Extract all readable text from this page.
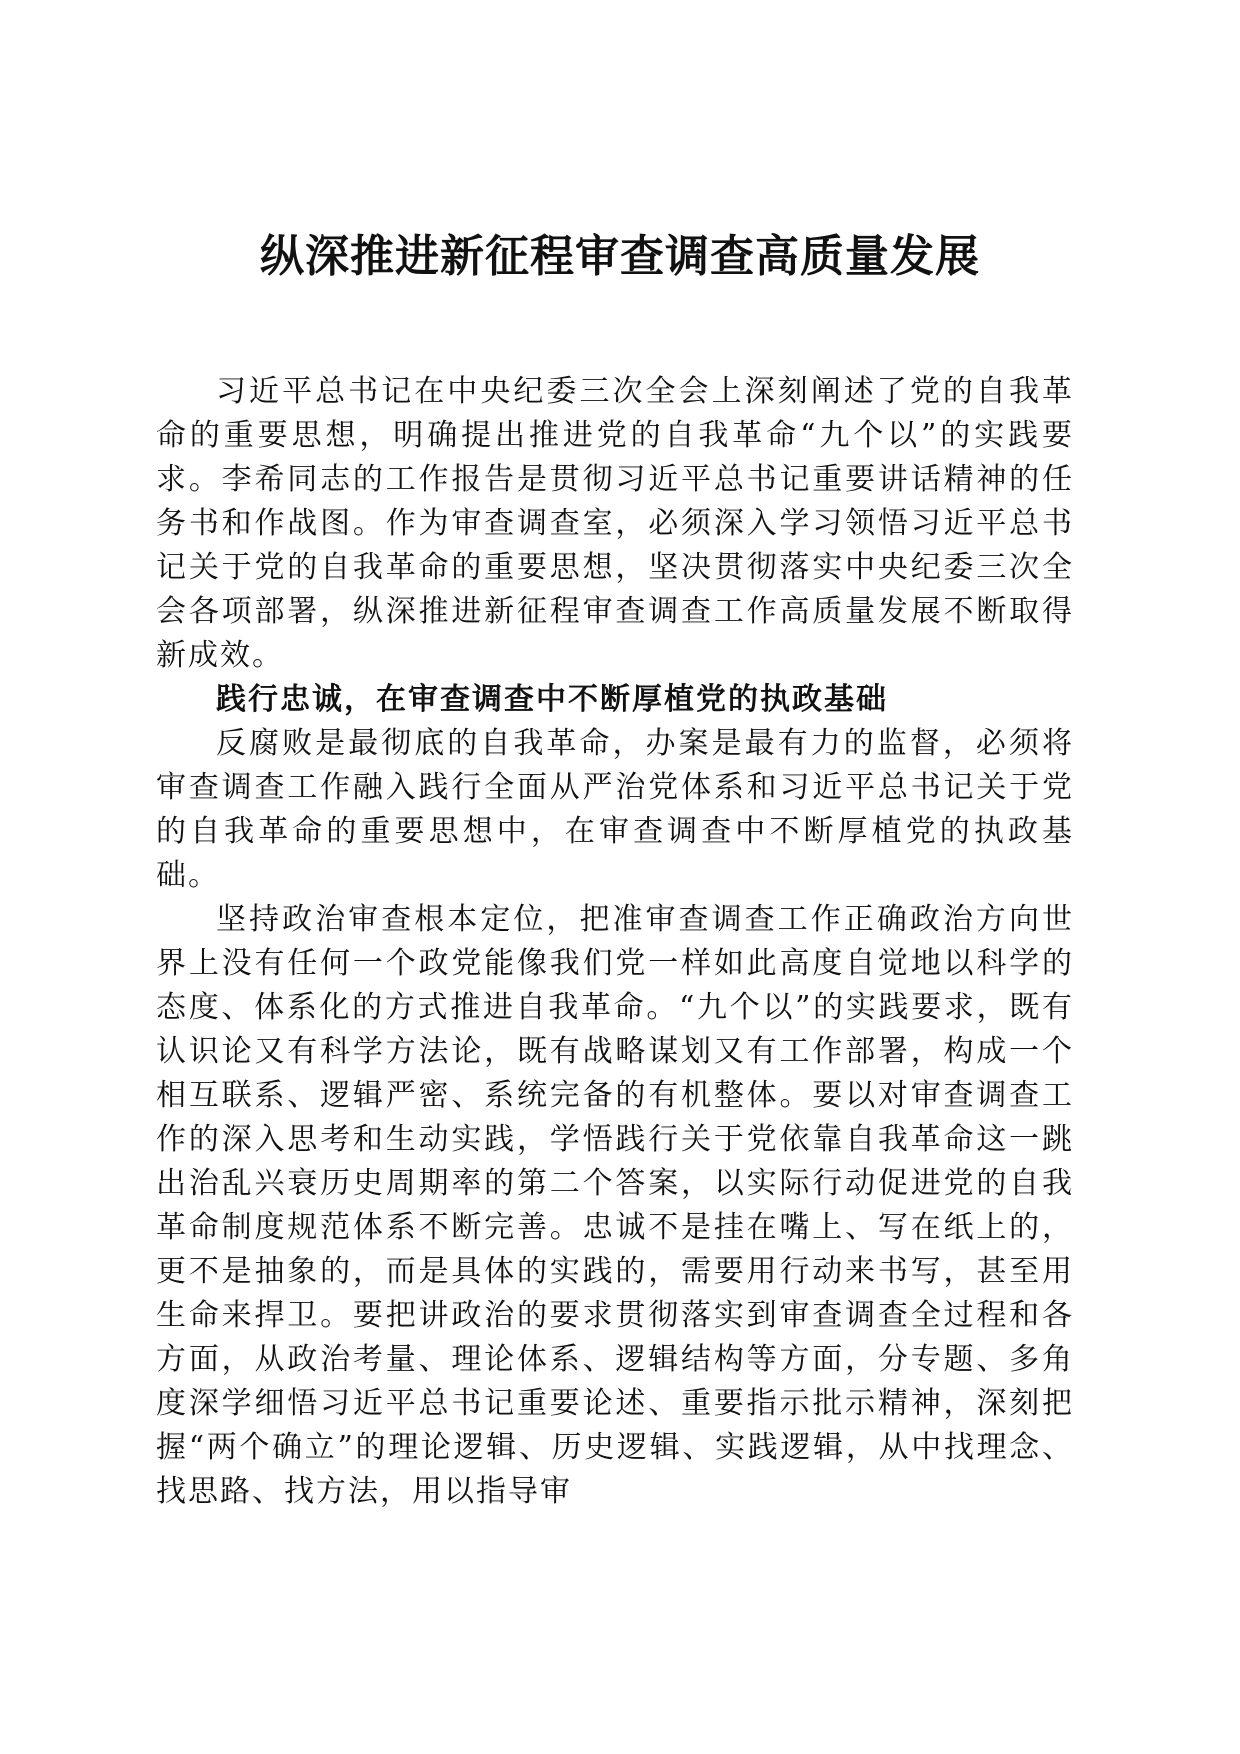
纵深推进新征程审查调查高质量发展

习近平总书记在中央纪委三次全会上深刻阐述了党的自我革命的重要思想，明确提出推进党的自我革命“九个以”的实践要求。李希同志的工作报告是贯彻习近平总书记重要讲话精神的任务书和作战图。作为审查调查室，必须深入学习领悟习近平总书记关于党的自我革命的重要思想，坚决贯彻落实中央纪委三次全会各项部署，纵深推进新征程审查调查工作高质量发展不断取得新成效。

践行忠诚，在审查调查中不断厚植党的执政基础

反腐败是最彻底的自我革命，办案是最有力的监督，必须将审查调查工作融入践行全面从严治党体系和习近平总书记关于党的自我革命的重要思想中，在审查调查中不断厚植党的执政基础。

坚持政治审查根本定位，把准审查调查工作正确政治方向世界上没有任何一个政党能像我们党一样如此高度自觉地以科学的态度、体系化的方式推进自我革命。“九个以”的实践要求，既有认识论又有科学方法论，既有战略谋划又有工作部署，构成一个相互联系、逻辑严密、系统完备的有机整体。要以对审查调查工作的深入思考和生动实践，学悟践行关于党依靠自我革命这一跳出治乱兴衰历史周期率的第二个答案，以实际行动促进党的自我革命制度规范体系不断完善。忠诚不是挂在嘴上、写在纸上的，更不是抽象的，而是具体的实践的，需要用行动来书写，甚至用生命来捍卫。要把讲政治的要求贯彻落实到审查调查全过程和各方面，从政治考量、理论体系、逻辑结构等方面，分专题、多角度深学细悟习近平总书记重要论述、重要指示批示精神，深刻把握“两个确立”的理论逻辑、历史逻辑、实践逻辑，从中找理念、找思路、找方法，用以指导审
